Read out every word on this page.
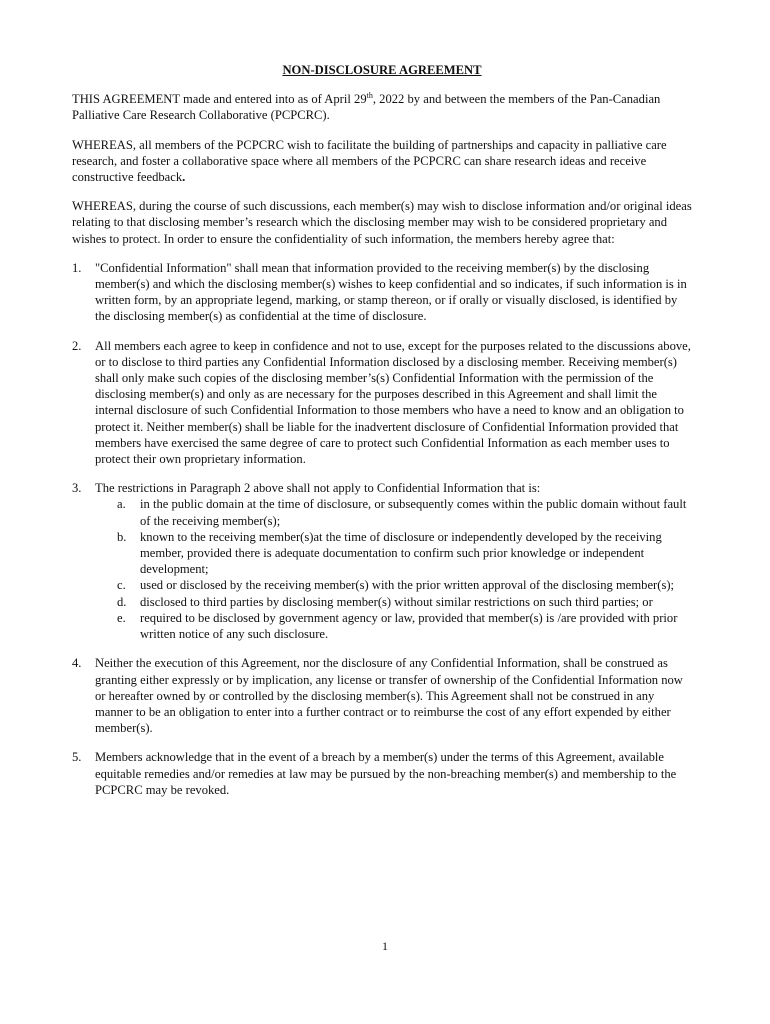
NON-DISCLOSURE AGREEMENT

THIS AGREEMENT made and entered into as of April 29th, 2022 by and between the members of the Pan-Canadian Palliative Care Research Collaborative (PCPCRC).

WHEREAS, all members of the PCPCRC wish to facilitate the building of partnerships and capacity in palliative care research, and foster a collaborative space where all members of the PCPCRC can share research ideas and receive constructive feedback.

WHEREAS, during the course of such discussions, each member(s) may wish to disclose information and/or original ideas relating to that disclosing member’s research which the disclosing member may wish to be considered proprietary and wishes to protect. In order to ensure the confidentiality of such information, the members hereby agree that:

1.	"Confidential Information" shall mean that information provided to the receiving member(s) by the disclosing member(s) and which the disclosing member(s) wishes to keep confidential and so indicates, if such information is in written form, by an appropriate legend, marking, or stamp thereon, or if orally or visually disclosed, is identified by the disclosing member(s) as confidential at the time of disclosure.
2.	All members each agree to keep in confidence and not to use, except for the purposes related to the discussions above, or to disclose to third parties any Confidential Information disclosed by a disclosing member. Receiving member(s) shall only make such copies of the disclosing member’s(s) Confidential Information with the permission of the disclosing member(s) and only as are necessary for the purposes described in this Agreement and shall limit the internal disclosure of such Confidential Information to those members who have a need to know and an obligation to protect it. Neither member(s) shall be liable for the inadvertent disclosure of Confidential Information provided that members have exercised the same degree of care to protect such Confidential Information as each member uses to protect their own proprietary information.
3.	The restrictions in Paragraph 2 above shall not apply to Confidential Information that is:
a.	in the public domain at the time of disclosure, or subsequently comes within the public domain without fault of the receiving member(s);
b.	known to the receiving member(s)at the time of disclosure or independently developed by the receiving member, provided there is adequate documentation to confirm such prior knowledge or independent development;
c.	used or disclosed by the receiving member(s) with the prior written approval of the disclosing member(s);
d.	disclosed to third parties by disclosing member(s) without similar restrictions on such third parties; or
e.	required to be disclosed by government agency or law, provided that member(s) is /are provided with prior written notice of any such disclosure.
4.	Neither the execution of this Agreement, nor the disclosure of any Confidential Information, shall be construed as granting either expressly or by implication, any license or transfer of ownership of the Confidential Information now or hereafter owned by or controlled by the disclosing member(s). This Agreement shall not be construed in any manner to be an obligation to enter into a further contract or to reimburse the cost of any effort expended by either member(s).
5.	Members acknowledge that in the event of a breach by a member(s) under the terms of this Agreement, available equitable remedies and/or remedies at law may be pursued by the non-breaching member(s) and membership to the PCPCRC may be revoked.
1
